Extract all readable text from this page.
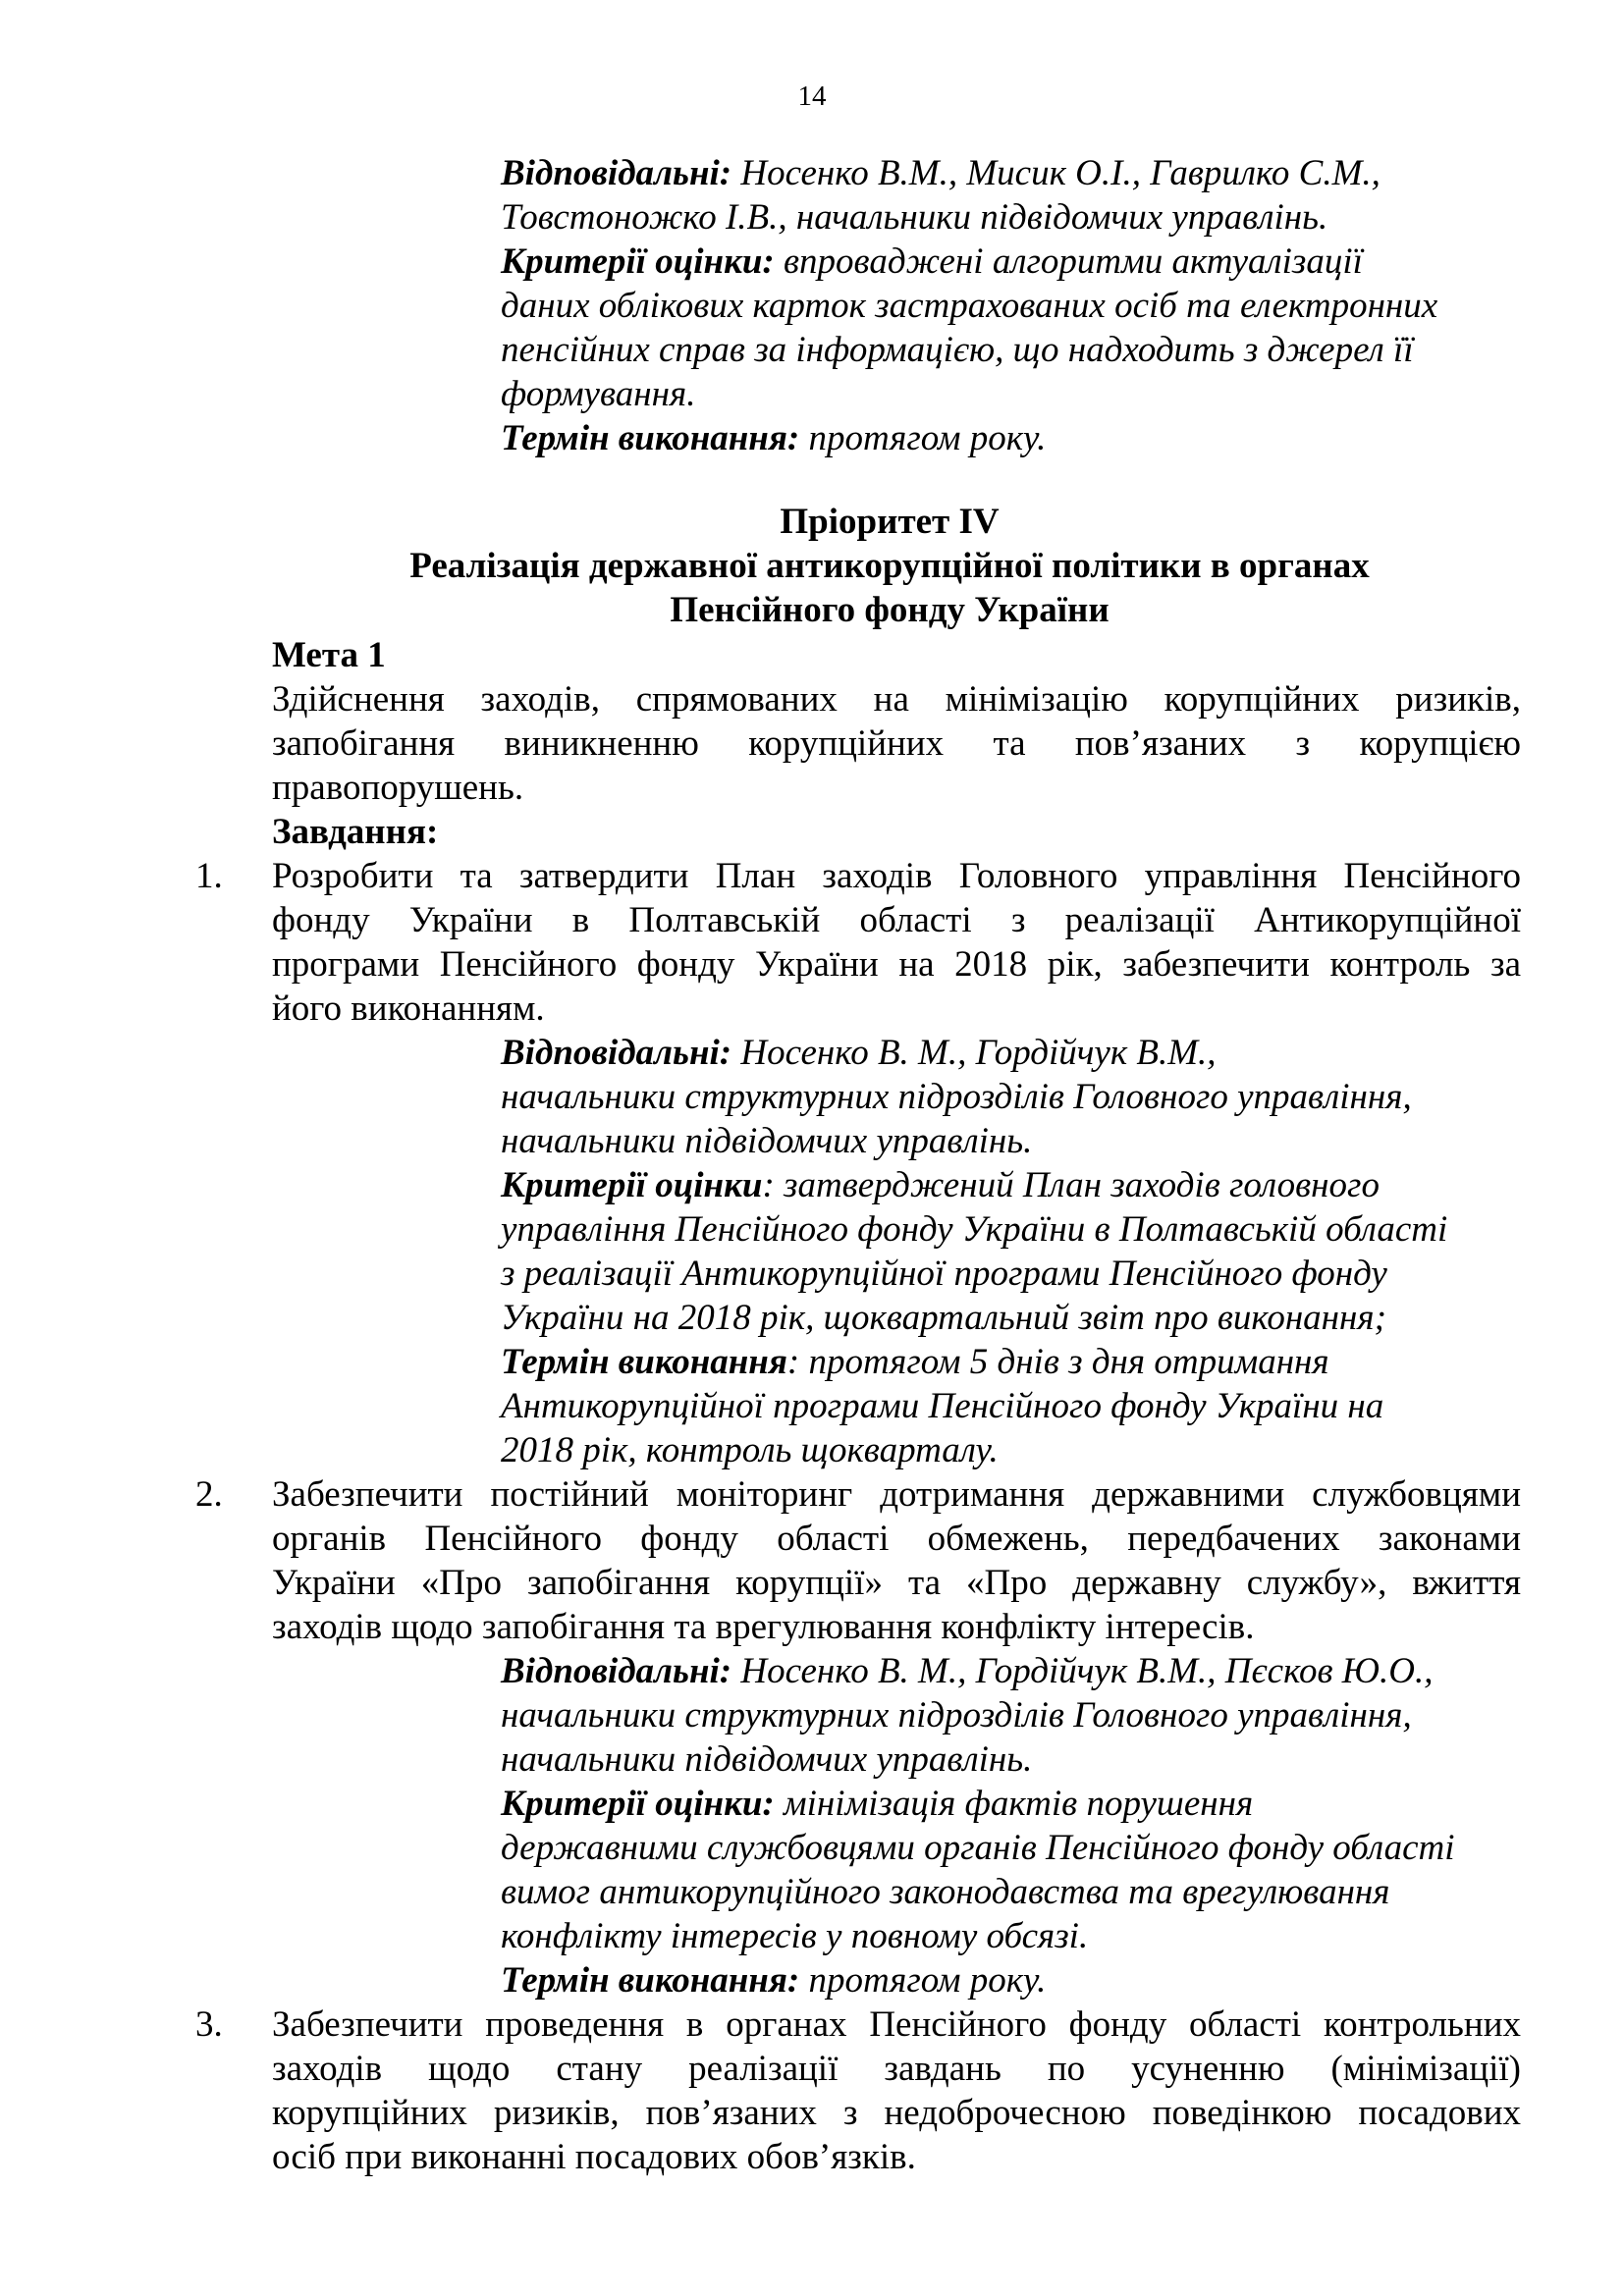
14
Відповідальні: Носенко В.М., Мисик О.І., Гаврилко С.М.,
Товстоножко І.В., начальники підвідомчих управлінь.
Критерії оцінки: впроваджені алгоритми актуалізації
даних облікових карток застрахованих осіб та електронних
пенсійних справ за інформацією, що надходить з джерел її
формування.
Термін виконання: протягом року.
Пріоритет IV
Реалізація державної антикорупційної політики в органах
Пенсійного фонду України
Мета 1
Здійснення заходів, спрямованих на мінімізацію корупційних ризиків,
запобігання виникненню корупційних та пов’язаних з корупцією
правопорушень.
Завдання:
1. Розробити та затвердити План заходів Головного управління Пенсійного
фонду України в Полтавській області з реалізації Антикорупційної
програми Пенсійного фонду України на 2018 рік, забезпечити контроль за
його виконанням.
Відповідальні: Носенко В. М., Гордійчук В.М.,
начальники структурних підрозділів Головного управління,
начальники підвідомчих управлінь.
Критерії оцінки: затверджений План заходів головного
управління Пенсійного фонду України в Полтавській області
з реалізації Антикорупційної програми Пенсійного фонду
України на 2018 рік, щоквартальний звіт про виконання;
Термін виконання: протягом 5 днів з дня отримання
Антикорупційної програми Пенсійного фонду України на
2018 рік, контроль щокварталу.
2. Забезпечити постійний моніторинг дотримання державними службовцями
органів Пенсійного фонду області обмежень, передбачених законами
України «Про запобігання корупції» та «Про державну службу», вжиття
заходів щодо запобігання та врегулювання конфлікту інтересів.
Відповідальні: Носенко В. М., Гордійчук В.М., Пєсков Ю.О.,
начальники структурних підрозділів Головного управління,
начальники підвідомчих управлінь.
Критерії оцінки: мінімізація фактів порушення
державними службовцями органів Пенсійного фонду області
вимог антикорупційного законодавства та врегулювання
конфлікту інтересів у повному обсязі.
Термін виконання: протягом року.
3. Забезпечити проведення в органах Пенсійного фонду області контрольних
заходів щодо стану реалізації завдань по усуненню (мінімізації)
корупційних ризиків, пов’язаних з недоброчесною поведінкою посадових
осіб при виконанні посадових обов’язків.
